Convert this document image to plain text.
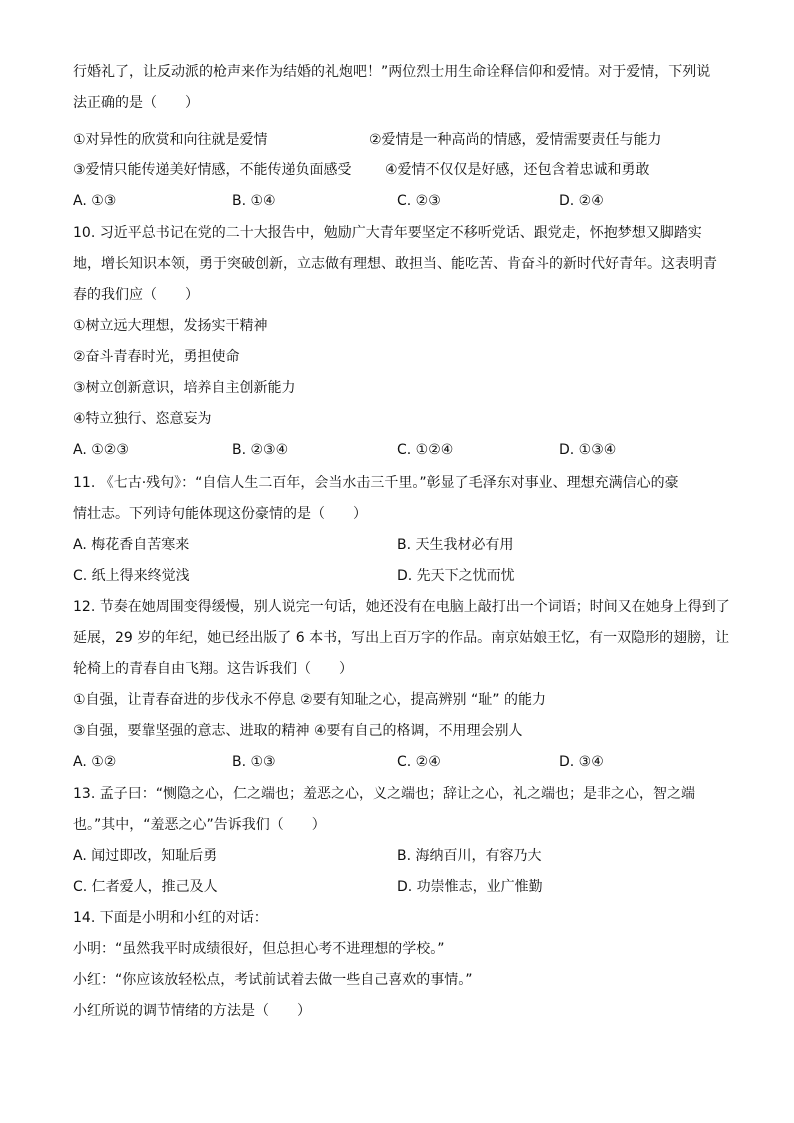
行婚礼了，让反动派的枪声来作为结婚的礼炮吧！”两位烈士用生命诠释信仰和爱情。对于爱情，下列说
法正确的是（　　）
①对异性的欣赏和向往就是爱情	②爱情是一种高尚的情感，爱情需要责任与能力
③爱情只能传递美好情感，不能传递负面感受 ④爱情不仅仅是好感，还包含着忠诚和勇敢
A. ①③	B. ①④	C. ②③	D. ②④
10. 习近平总书记在党的二十大报告中，勉励广大青年要坚定不移听党话、跟党走，怀抱梦想又脚踏实
地，增长知识本领，勇于突破创新，立志做有理想、敢担当、能吃苦、肯奋斗的新时代好青年。这表明青
春的我们应（　　）
①树立远大理想，发扬实干精神
②奋斗青春时光，勇担使命
③树立创新意识，培养自主创新能力
④特立独行、恣意妄为
A. ①②③	B. ②③④	C. ①②④	D. ①③④
11. 《七古·残句》：“自信人生二百年，会当水击三千里。”彰显了毛泽东对事业、理想充满信心的豪
情壮志。下列诗句能体现这份豪情的是（　　）
A. 梅花香自苦寒来	B. 天生我材必有用
C. 纸上得来终觉浅	D. 先天下之忧而忧
12. 节奏在她周围变得缓慢，别人说完一句话，她还没有在电脑上敲打出一个词语；时间又在她身上得到了
延展，29 岁的年纪，她已经出版了 6 本书，写出上百万字的作品。南京姑娘王忆，有一双隐形的翅膀，让
轮椅上的青春自由飞翔。这告诉我们（　　）
①自强，让青春奋进的步伐永不停息 ②要有知耻之心，提高辨别 “耻” 的能力
③自强，要靠坚强的意志、进取的精神 ④要有自己的格调，不用理会别人
A. ①②	B. ①③	C. ②④	D. ③④
13. 孟子曰：“恻隐之心，仁之端也；羞恶之心，义之端也；辞让之心，礼之端也；是非之心，智之端
也。”其中，“羞恶之心”告诉我们（　　）
A. 闻过即改，知耻后勇	B. 海纳百川，有容乃大
C. 仁者爱人，推己及人	D. 功崇惟志，业广惟勤
14. 下面是小明和小红的对话：
小明：“虽然我平时成绩很好，但总担心考不进理想的学校。”
小红：“你应该放轻松点，考试前试着去做一些自己喜欢的事情。”
小红所说的调节情绪的方法是（　　）
